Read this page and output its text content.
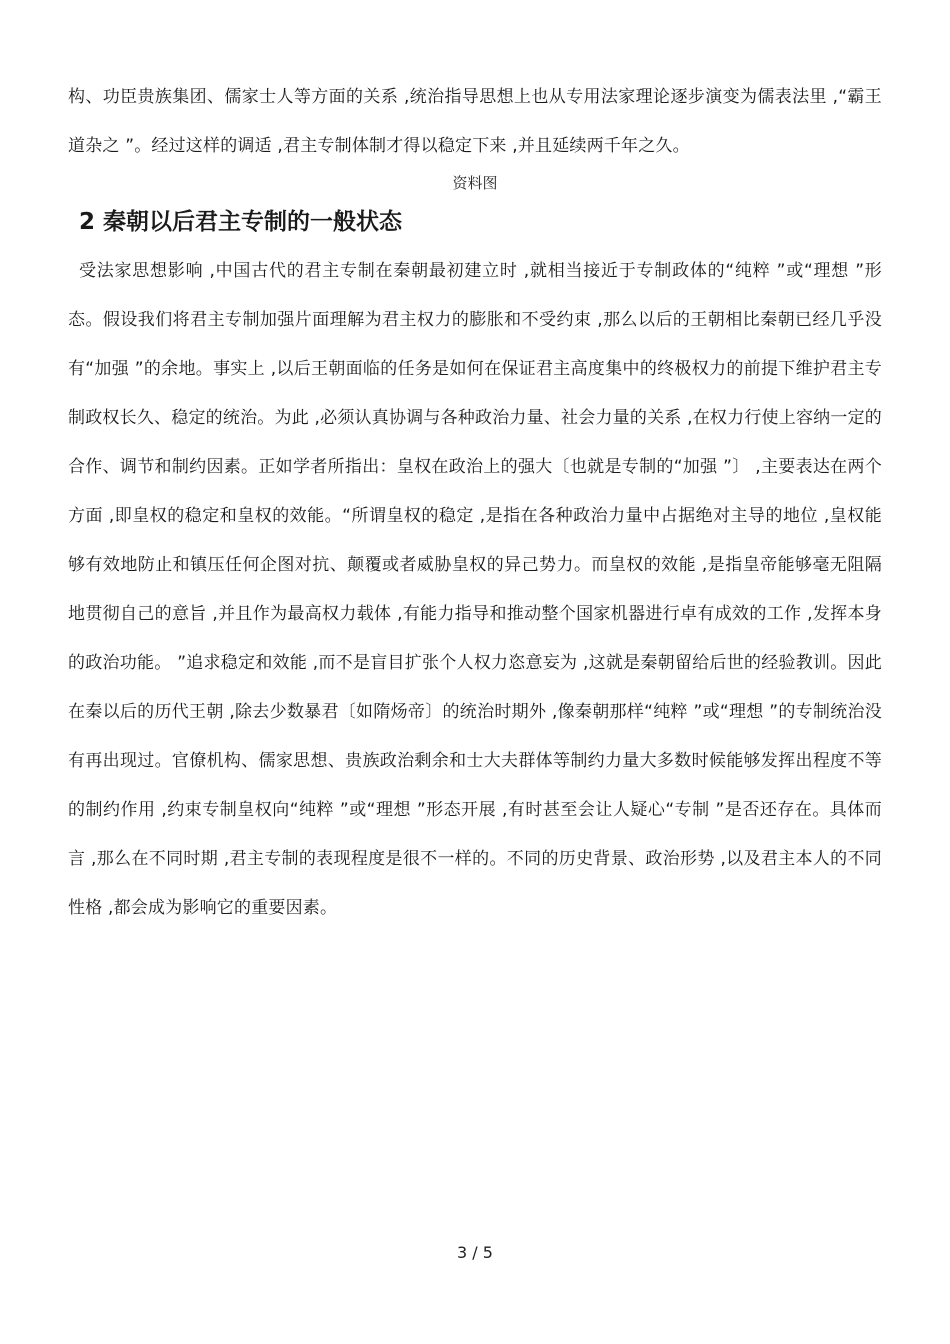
构、功臣贵族集团、儒家士人等方面的关系 ,统治指导思想上也从专用法家理论逐步演变为儒表法里 ,“霸王道杂之 ”。经过这样的调适 ,君主专制体制才得以稳定下来 ,并且延续两千年之久。

资料图

2 秦朝以后君主专制的一般状态

受法家思想影响 ,中国古代的君主专制在秦朝最初建立时 ,就相当接近于专制政体的“纯粹 ”或“理想 ”形态。假设我们将君主专制加强片面理解为君主权力的膨胀和不受约束 ,那么以后的王朝相比秦朝已经几乎没有“加强 ”的余地。事实上 ,以后王朝面临的任务是如何在保证君主高度集中的终极权力的前提下维护君主专制政权长久、稳定的统治。为此 ,必须认真协调与各种政治力量、社会力量的关系 ,在权力行使上容纳一定的合作、调节和制约因素。正如学者所指出：皇权在政治上的强大〔也就是专制的“加强 ”〕 ,主要表达在两个方面 ,即皇权的稳定和皇权的效能。“所谓皇权的稳定 ,是指在各种政治力量中占据绝对主导的地位 ,皇权能够有效地防止和镇压任何企图对抗、颠覆或者威胁皇权的异己势力。而皇权的效能 ,是指皇帝能够毫无阻隔地贯彻自己的意旨 ,并且作为最高权力载体 ,有能力指导和推动整个国家机器进行卓有成效的工作 ,发挥本身的政治功能。 ”追求稳定和效能 ,而不是盲目扩张个人权力恣意妄为 ,这就是秦朝留给后世的经验教训。因此在秦以后的历代王朝 ,除去少数暴君〔如隋炀帝〕的统治时期外 ,像秦朝那样“纯粹 ”或“理想 ”的专制统治没有再出现过。官僚机构、儒家思想、贵族政治剩余和士大夫群体等制约力量大多数时候能够发挥出程度不等的制约作用 ,约束专制皇权向“纯粹 ”或“理想 ”形态开展 ,有时甚至会让人疑心“专制 ”是否还存在。具体而言 ,那么在不同时期 ,君主专制的表现程度是很不一样的。不同的历史背景、政治形势 ,以及君主本人的不同性格 ,都会成为影响它的重要因素。

3 / 5
